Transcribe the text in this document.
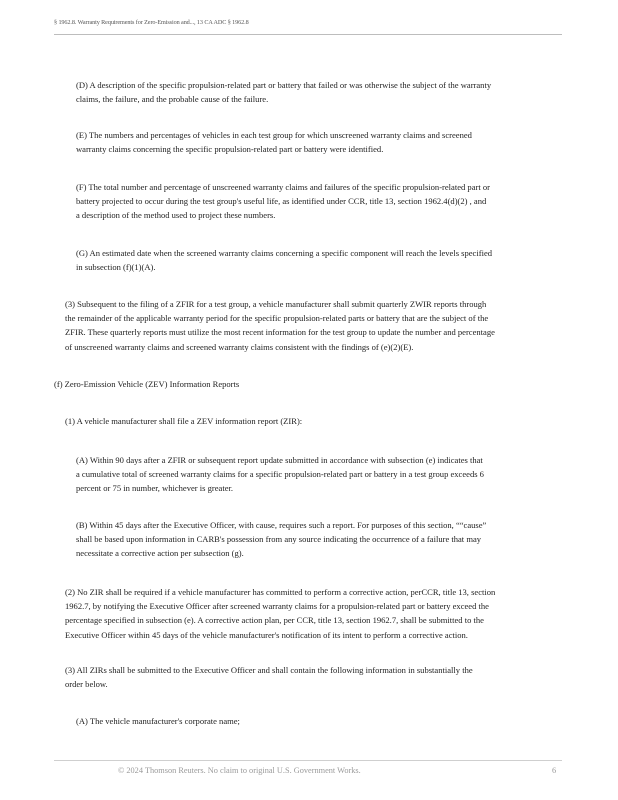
§ 1962.8. Warranty Requirements for Zero-Emission and..., 13 CA ADC § 1962.8

(D) A description of the specific propulsion-related part or battery that failed or was otherwise the subject of the warranty
claims, the failure, and the probable cause of the failure.

(E) The numbers and percentages of vehicles in each test group for which unscreened warranty claims and screened
warranty claims concerning the specific propulsion-related part or battery were identified.

(F) The total number and percentage of unscreened warranty claims and failures of the specific propulsion-related part or
battery projected to occur during the test group's useful life, as identified under CCR, title 13, section 1962.4(d)(2) , and
a description of the method used to project these numbers.

(G) An estimated date when the screened warranty claims concerning a specific component will reach the levels specified
in subsection (f)(1)(A).

(3) Subsequent to the filing of a ZFIR for a test group, a vehicle manufacturer shall submit quarterly ZWIR reports through
the remainder of the applicable warranty period for the specific propulsion-related parts or battery that are the subject of the
ZFIR. These quarterly reports must utilize the most recent information for the test group to update the number and percentage
of unscreened warranty claims and screened warranty claims consistent with the findings of (e)(2)(E).

(f) Zero-Emission Vehicle (ZEV) Information Reports

(1) A vehicle manufacturer shall file a ZEV information report (ZIR):

(A) Within 90 days after a ZFIR or subsequent report update submitted in accordance with subsection (e) indicates that
a cumulative total of screened warranty claims for a specific propulsion-related part or battery in a test group exceeds 6
percent or 75 in number, whichever is greater.

(B) Within 45 days after the Executive Officer, with cause, requires such a report. For purposes of this section, ““cause”
shall be based upon information in CARB's possession from any source indicating the occurrence of a failure that may
necessitate a corrective action per subsection (g).

(2) No ZIR shall be required if a vehicle manufacturer has committed to perform a corrective action, perCCR, title 13, section
1962.7, by notifying the Executive Officer after screened warranty claims for a propulsion-related part or battery exceed the
percentage specified in subsection (e). A corrective action plan, per CCR, title 13, section 1962.7, shall be submitted to the
Executive Officer within 45 days of the vehicle manufacturer's notification of its intent to perform a corrective action.

(3) All ZIRs shall be submitted to the Executive Officer and shall contain the following information in substantially the
order below.

(A) The vehicle manufacturer's corporate name;

© 2024 Thomson Reuters. No claim to original U.S. Government Works.	6
